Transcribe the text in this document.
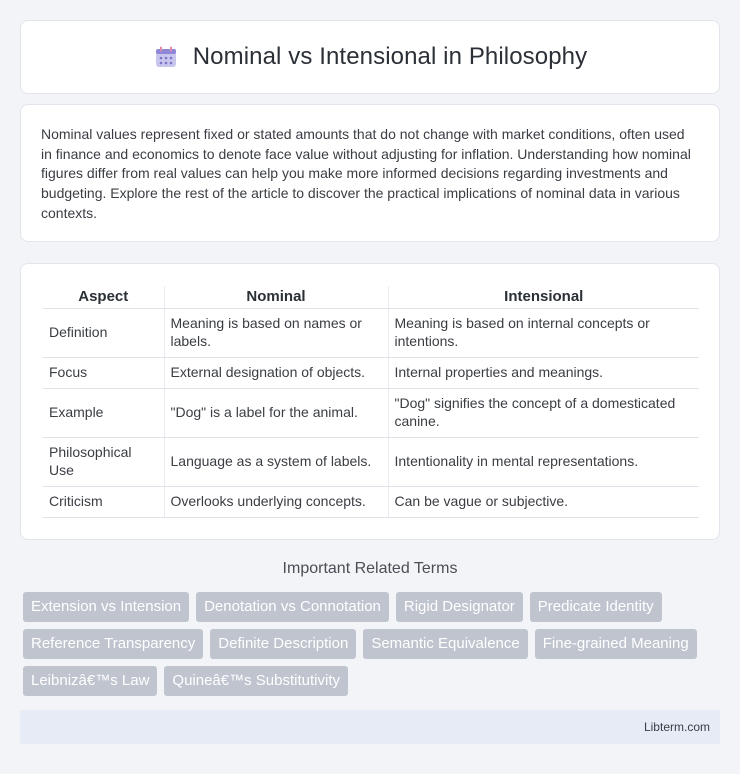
Nominal vs Intensional in Philosophy

Nominal values represent fixed or stated amounts that do not change with market conditions, often used in finance and economics to denote face value without adjusting for inflation. Understanding how nominal figures differ from real values can help you make more informed decisions regarding investments and budgeting. Explore the rest of the article to discover the practical implications of nominal data in various contexts.

Aspect	Nominal	Intensional
Definition	Meaning is based on names or labels.	Meaning is based on internal concepts or intentions.
Focus	External designation of objects.	Internal properties and meanings.
Example	"Dog" is a label for the animal.	"Dog" signifies the concept of a domesticated canine.
Philosophical Use	Language as a system of labels.	Intentionality in mental representations.
Criticism	Overlooks underlying concepts.	Can be vague or subjective.
Important Related Terms
Extension vs Intension	Denotation vs Connotation	Rigid Designator	Predicate Identity
Reference Transparency	Definite Description	Semantic Equivalence	Fine-grained Meaning
Leibnizâ€™s Law	Quineâ€™s Substitutivity
Libterm.com
